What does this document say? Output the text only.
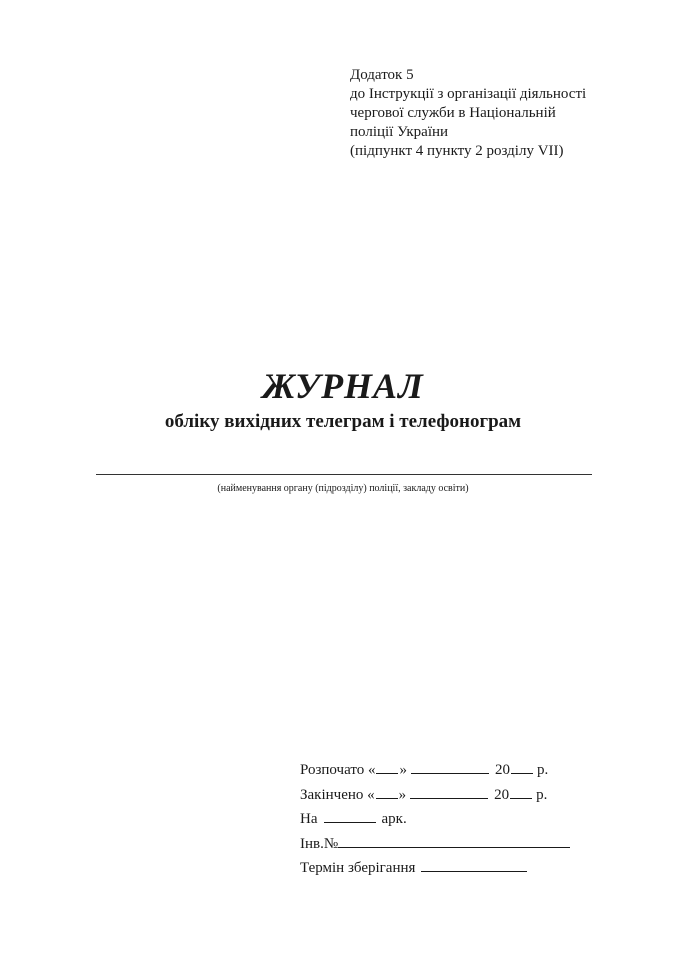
Додаток 5
до Інструкції з організації діяльності
чергової служби в Національній
поліції України
(підпункт 4 пункту 2 розділу VII)
ЖУРНАЛ
обліку вихідних телеграм і телефонограм
(найменування органу (підрозділу) поліції, закладу освіти)
Розпочато
« »	20 р.
Закінчено
« »	20 р.
На	арк.
Інв.№
Термін зберігання
